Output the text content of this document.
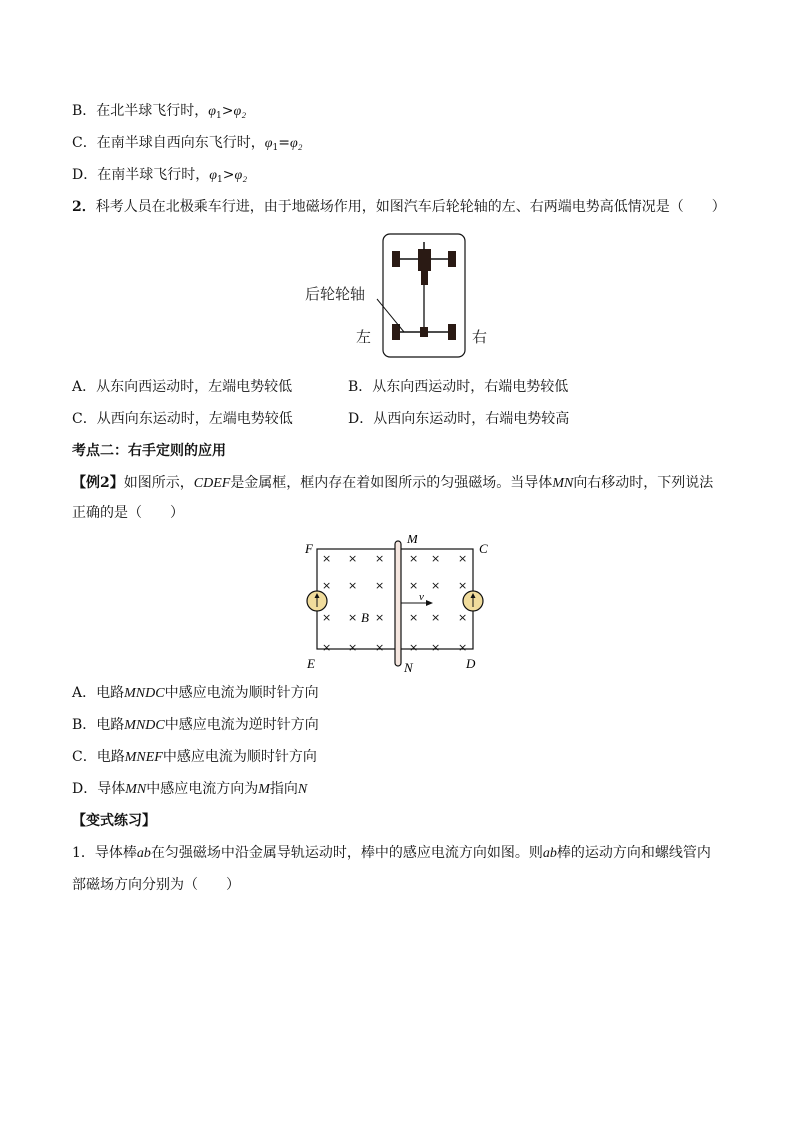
B．在北半球飞行时，$\varphi_1>\varphi_2$
C．在南半球自西向东飞行时，$\varphi_1=\varphi_2$
D．在南半球飞行时，$\varphi_1>\varphi_2$
2．科考人员在北极乘车行进，由于地磁场作用，如图汽车后轮轮轴的左、右两端电势高低情况是（　　）
后轮轮轴
左	右
A．从东向西运动时，左端电势较低	B．从东向西运动时，右端电势较低
C．从西向东运动时，左端电势较低	D．从西向东运动时，右端电势较高
考点二：右手定则的应用
【例2】如图所示，CDEF是金属框，框内存在着如图所示的匀强磁场。当导体MN向右移动时，下列说法
正确的是（　　）
× × × × × ×
× × × × × ×
×	× × × ×
× × × × × ×
×
F
M
C
E	N	D
B
v
A．电路MNDC中感应电流为顺时针方向
B．电路MNDC中感应电流为逆时针方向
C．电路MNEF中感应电流为顺时针方向
D．导体MN中感应电流方向为M指向N
【变式练习】
1．导体棒ab在匀强磁场中沿金属导轨运动时，棒中的感应电流方向如图。则ab棒的运动方向和螺线管内
部磁场方向分别为（　　）
